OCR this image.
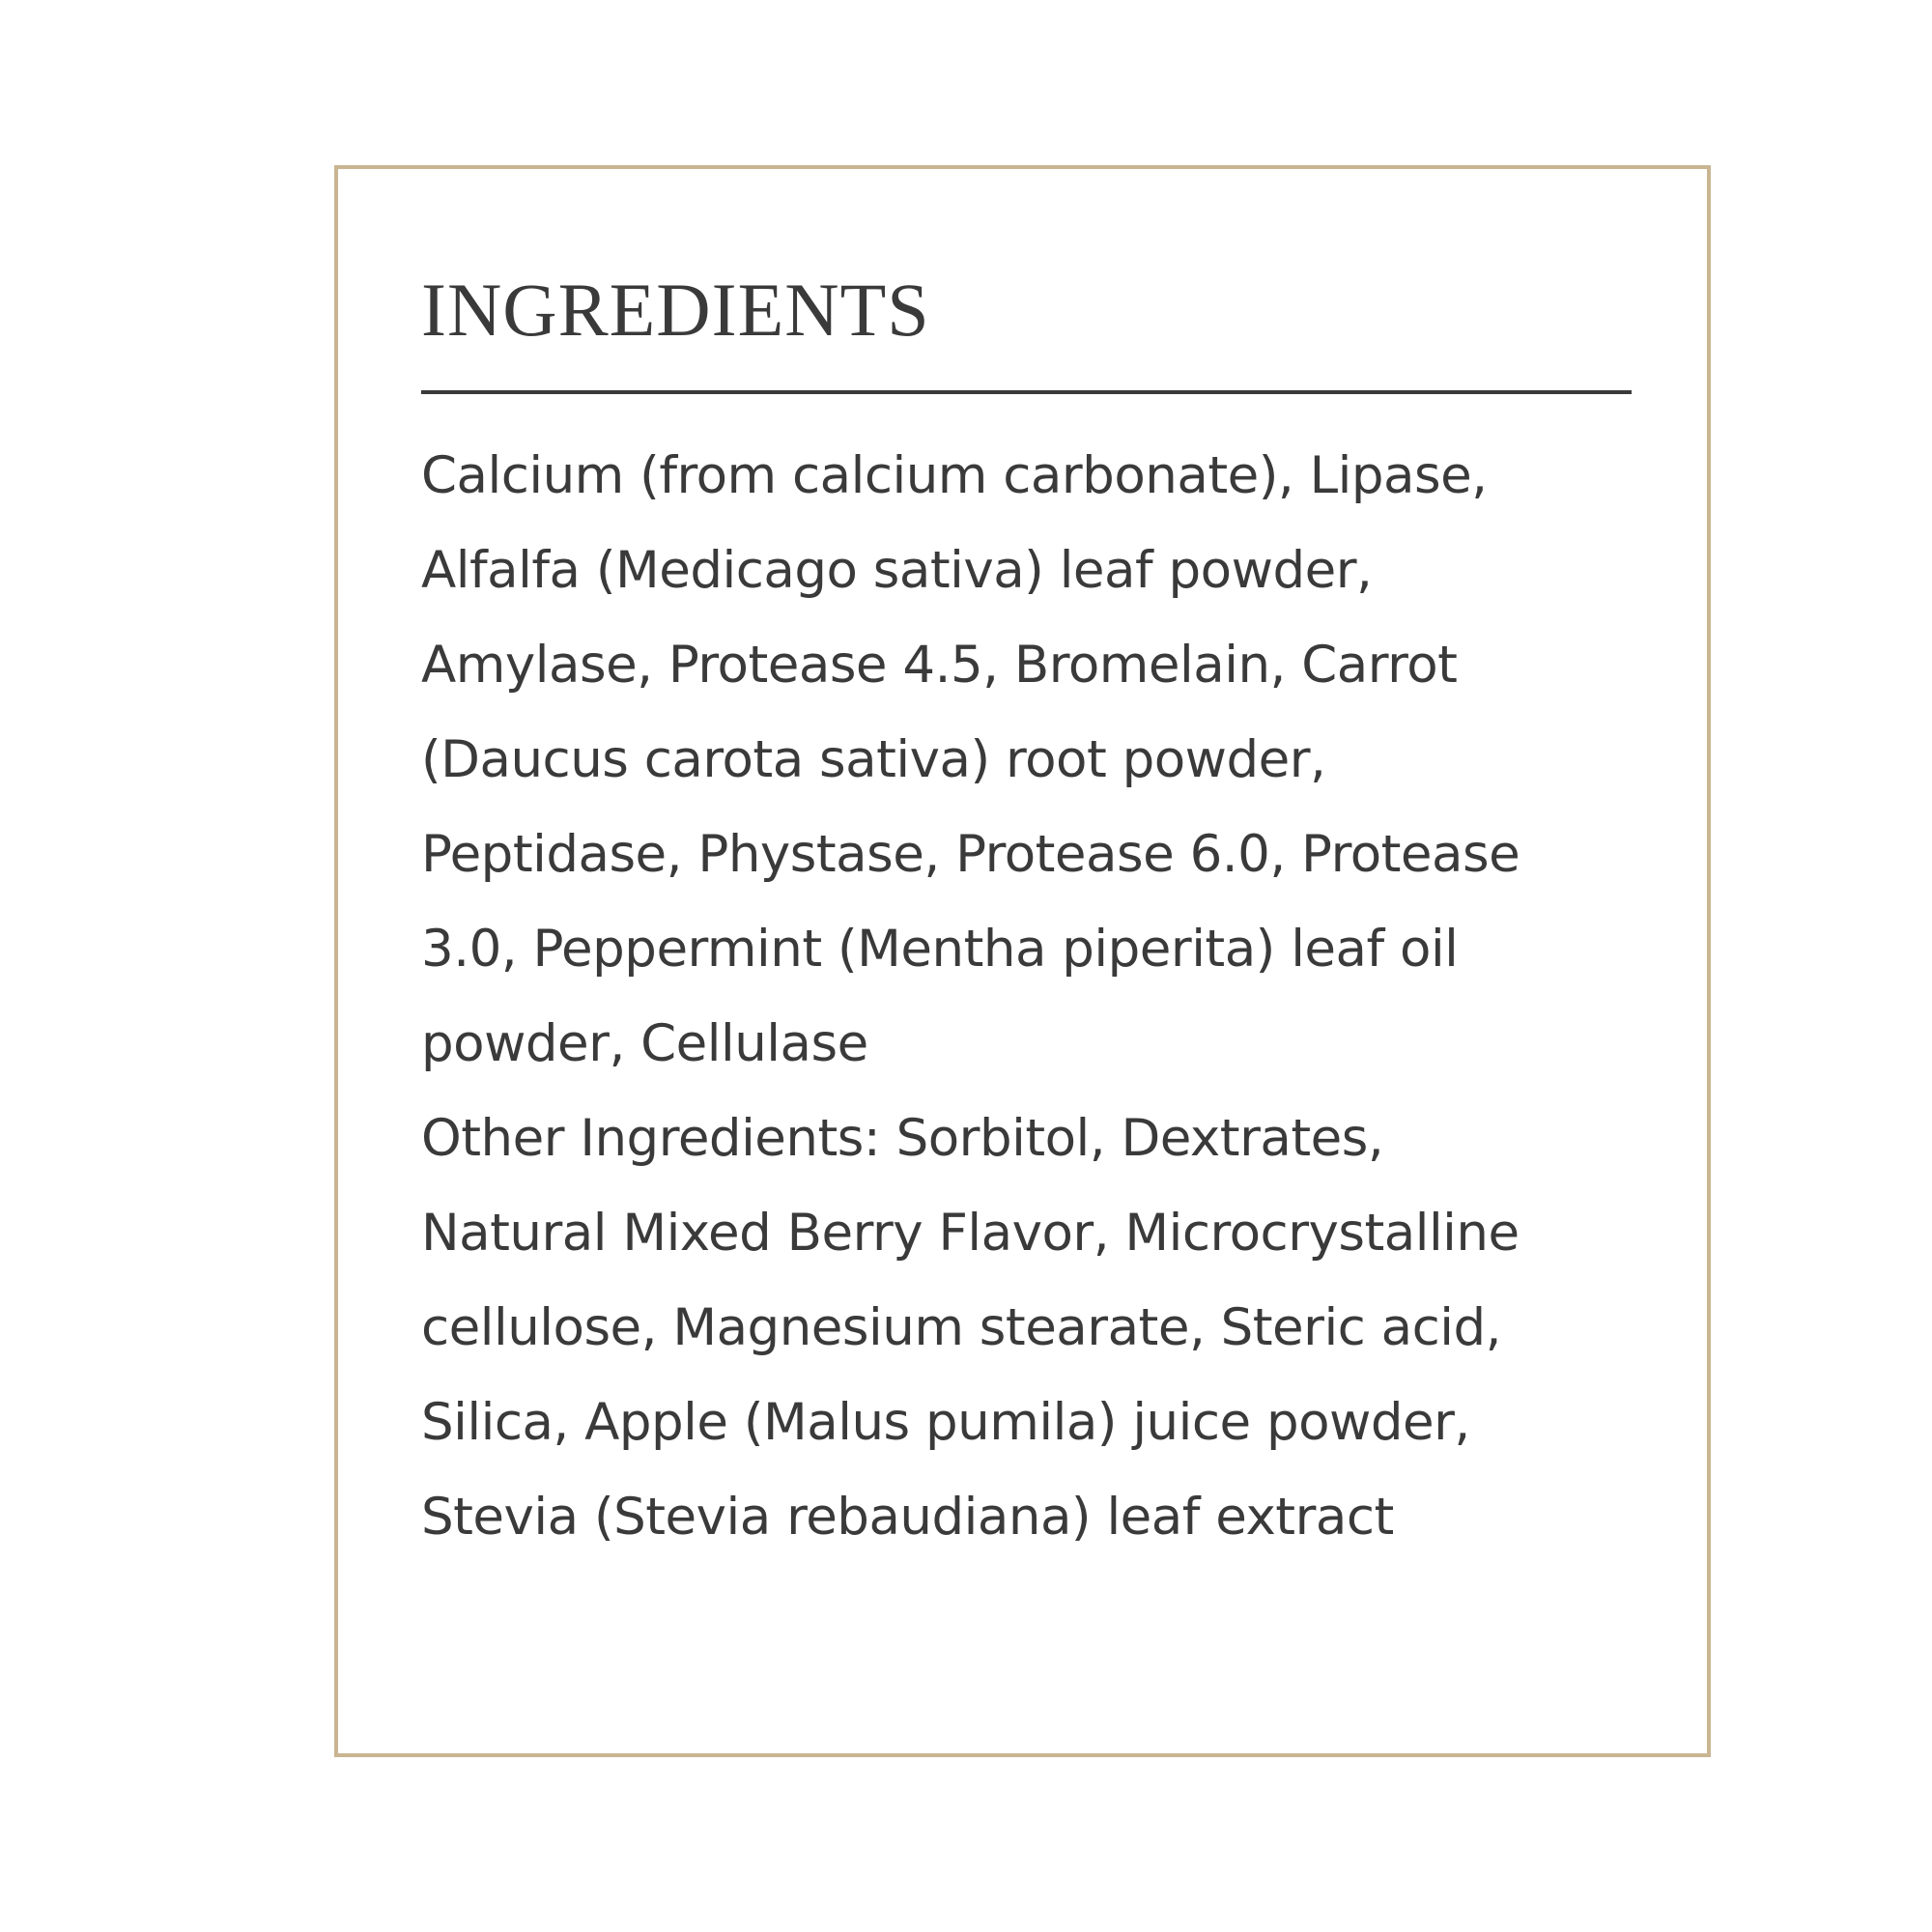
INGREDIENTS

Calcium (from calcium carbonate), Lipase,
Alfalfa (Medicago sativa) leaf powder,
Amylase, Protease 4.5, Bromelain, Carrot
(Daucus carota sativa) root powder,
Peptidase, Phystase, Protease 6.0, Protease
3.0, Peppermint (Mentha piperita) leaf oil
powder, Cellulase

Other Ingredients: Sorbitol, Dextrates,
Natural Mixed Berry Flavor, Microcrystalline
cellulose, Magnesium stearate, Steric acid,
Silica, Apple (Malus pumila) juice powder,
Stevia (Stevia rebaudiana) leaf extract
